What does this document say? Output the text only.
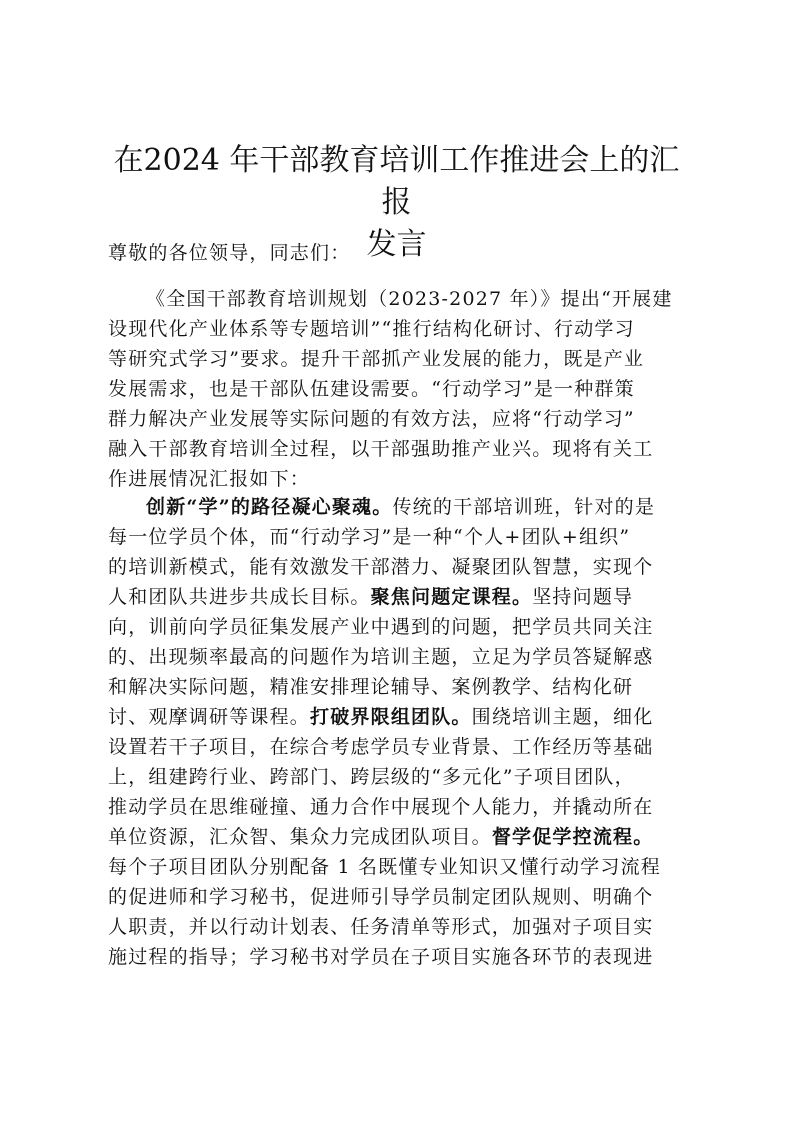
在2024 年干部教育培训工作推进会上的汇报
发言

尊敬的各位领导，同志们：

《全国干部教育培训规划（2023-2027 年）》提出“开展建
设现代化产业体系等专题培训”“推行结构化研讨、行动学习
等研究式学习”要求。提升干部抓产业发展的能力，既是产业
发展需求，也是干部队伍建设需要。“行动学习”是一种群策
群力解决产业发展等实际问题的有效方法，应将“行动学习”
融入干部教育培训全过程，以干部强助推产业兴。现将有关工
作进展情况汇报如下：
创新“学”的路径凝心聚魂。传统的干部培训班，针对的是
每一位学员个体，而“行动学习”是一种“个人+团队+组织”
的培训新模式，能有效激发干部潜力、凝聚团队智慧，实现个
人和团队共进步共成长目标。聚焦问题定课程。坚持问题导
向，训前向学员征集发展产业中遇到的问题，把学员共同关注
的、出现频率最高的问题作为培训主题，立足为学员答疑解惑
和解决实际问题，精准安排理论辅导、案例教学、结构化研
讨、观摩调研等课程。打破界限组团队。围绕培训主题，细化
设置若干子项目，在综合考虑学员专业背景、工作经历等基础
上，组建跨行业、跨部门、跨层级的“多元化”子项目团队，
推动学员在思维碰撞、通力合作中展现个人能力，并撬动所在
单位资源，汇众智、集众力完成团队项目。督学促学控流程。
每个子项目团队分别配备 1 名既懂专业知识又懂行动学习流程
的促进师和学习秘书，促进师引导学员制定团队规则、明确个
人职责，并以行动计划表、任务清单等形式，加强对子项目实
施过程的指导；学习秘书对学员在子项目实施各环节的表现进
